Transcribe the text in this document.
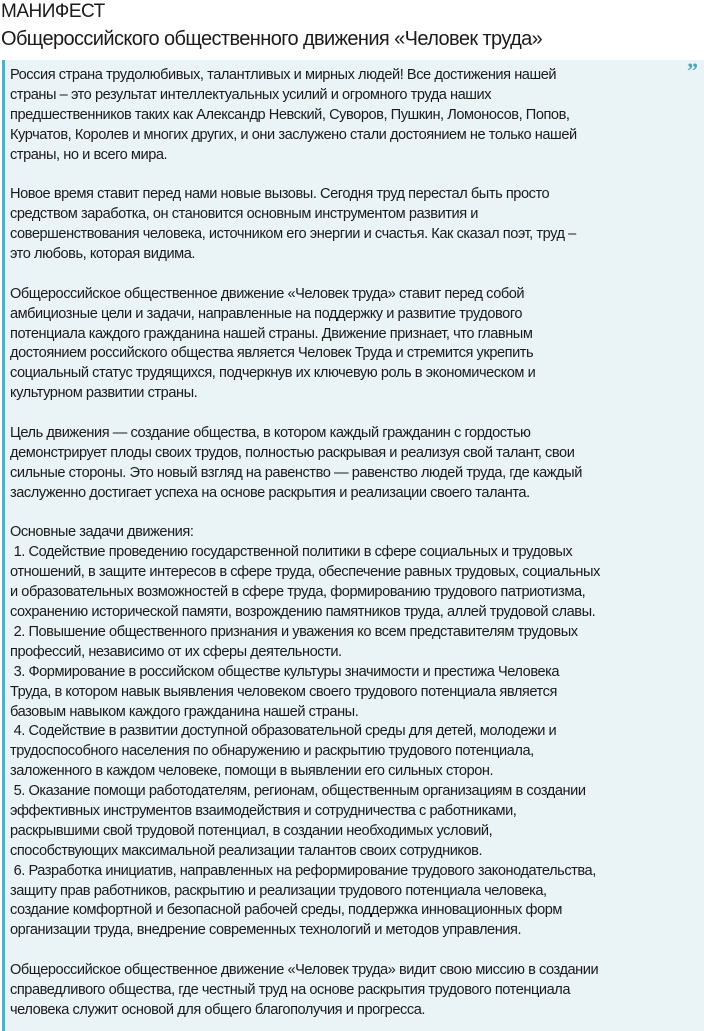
МАНИФЕСТ
Общероссийского общественного движения «Человек труда»
”
Россия страна трудолюбивых, талантливых и мирных людей! Все достижения нашей
страны – это результат интеллектуальных усилий и огромного труда наших
предшественников таких как Александр Невский, Суворов, Пушкин, Ломоносов, Попов,
Курчатов, Королев и многих других, и они заслужено стали достоянием не только нашей
страны, но и всего мира.
Новое время ставит перед нами новые вызовы. Сегодня труд перестал быть просто
средством заработка, он становится основным инструментом развития и
совершенствования человека, источником его энергии и счастья. Как сказал поэт, труд –
это любовь, которая видима.
Общероссийское общественное движение «Человек труда» ставит перед собой
амбициозные цели и задачи, направленные на поддержку и развитие трудового
потенциала каждого гражданина нашей страны. Движение признает, что главным
достоянием российского общества является Человек Труда и стремится укрепить
социальный статус трудящихся, подчеркнув их ключевую роль в экономическом и
культурном развитии страны.
Цель движения — создание общества, в котором каждый гражданин с гордостью
демонстрирует плоды своих трудов, полностью раскрывая и реализуя свой талант, свои
сильные стороны. Это новый взгляд на равенство — равенство людей труда, где каждый
заслуженно достигает успеха на основе раскрытия и реализации своего таланта.
Основные задачи движения:
1. Содействие проведению государственной политики в сфере социальных и трудовых
отношений, в защите интересов в сфере труда, обеспечение равных трудовых, социальных
и образовательных возможностей в сфере труда, формированию трудового патриотизма,
сохранению исторической памяти, возрождению памятников труда, аллей трудовой славы.
2. Повышение общественного признания и уважения ко всем представителям трудовых
профессий, независимо от их сферы деятельности.
3. Формирование в российском обществе культуры значимости и престижа Человека
Труда, в котором навык выявления человеком своего трудового потенциала является
базовым навыком каждого гражданина нашей страны.
4. Содействие в развитии доступной образовательной среды для детей, молодежи и
трудоспособного населения по обнаружению и раскрытию трудового потенциала,
заложенного в каждом человеке, помощи в выявлении его сильных сторон.
5. Оказание помощи работодателям, регионам, общественным организациям в создании
эффективных инструментов взаимодействия и сотрудничества с работниками,
раскрывшими свой трудовой потенциал, в создании необходимых условий,
способствующих максимальной реализации талантов своих сотрудников.
6. Разработка инициатив, направленных на реформирование трудового законодательства,
защиту прав работников, раскрытию и реализации трудового потенциала человека,
создание комфортной и безопасной рабочей среды, поддержка инновационных форм
организации труда, внедрение современных технологий и методов управления.
Общероссийское общественное движение «Человек труда» видит свою миссию в создании
справедливого общества, где честный труд на основе раскрытия трудового потенциала
человека служит основой для общего благополучия и прогресса.
